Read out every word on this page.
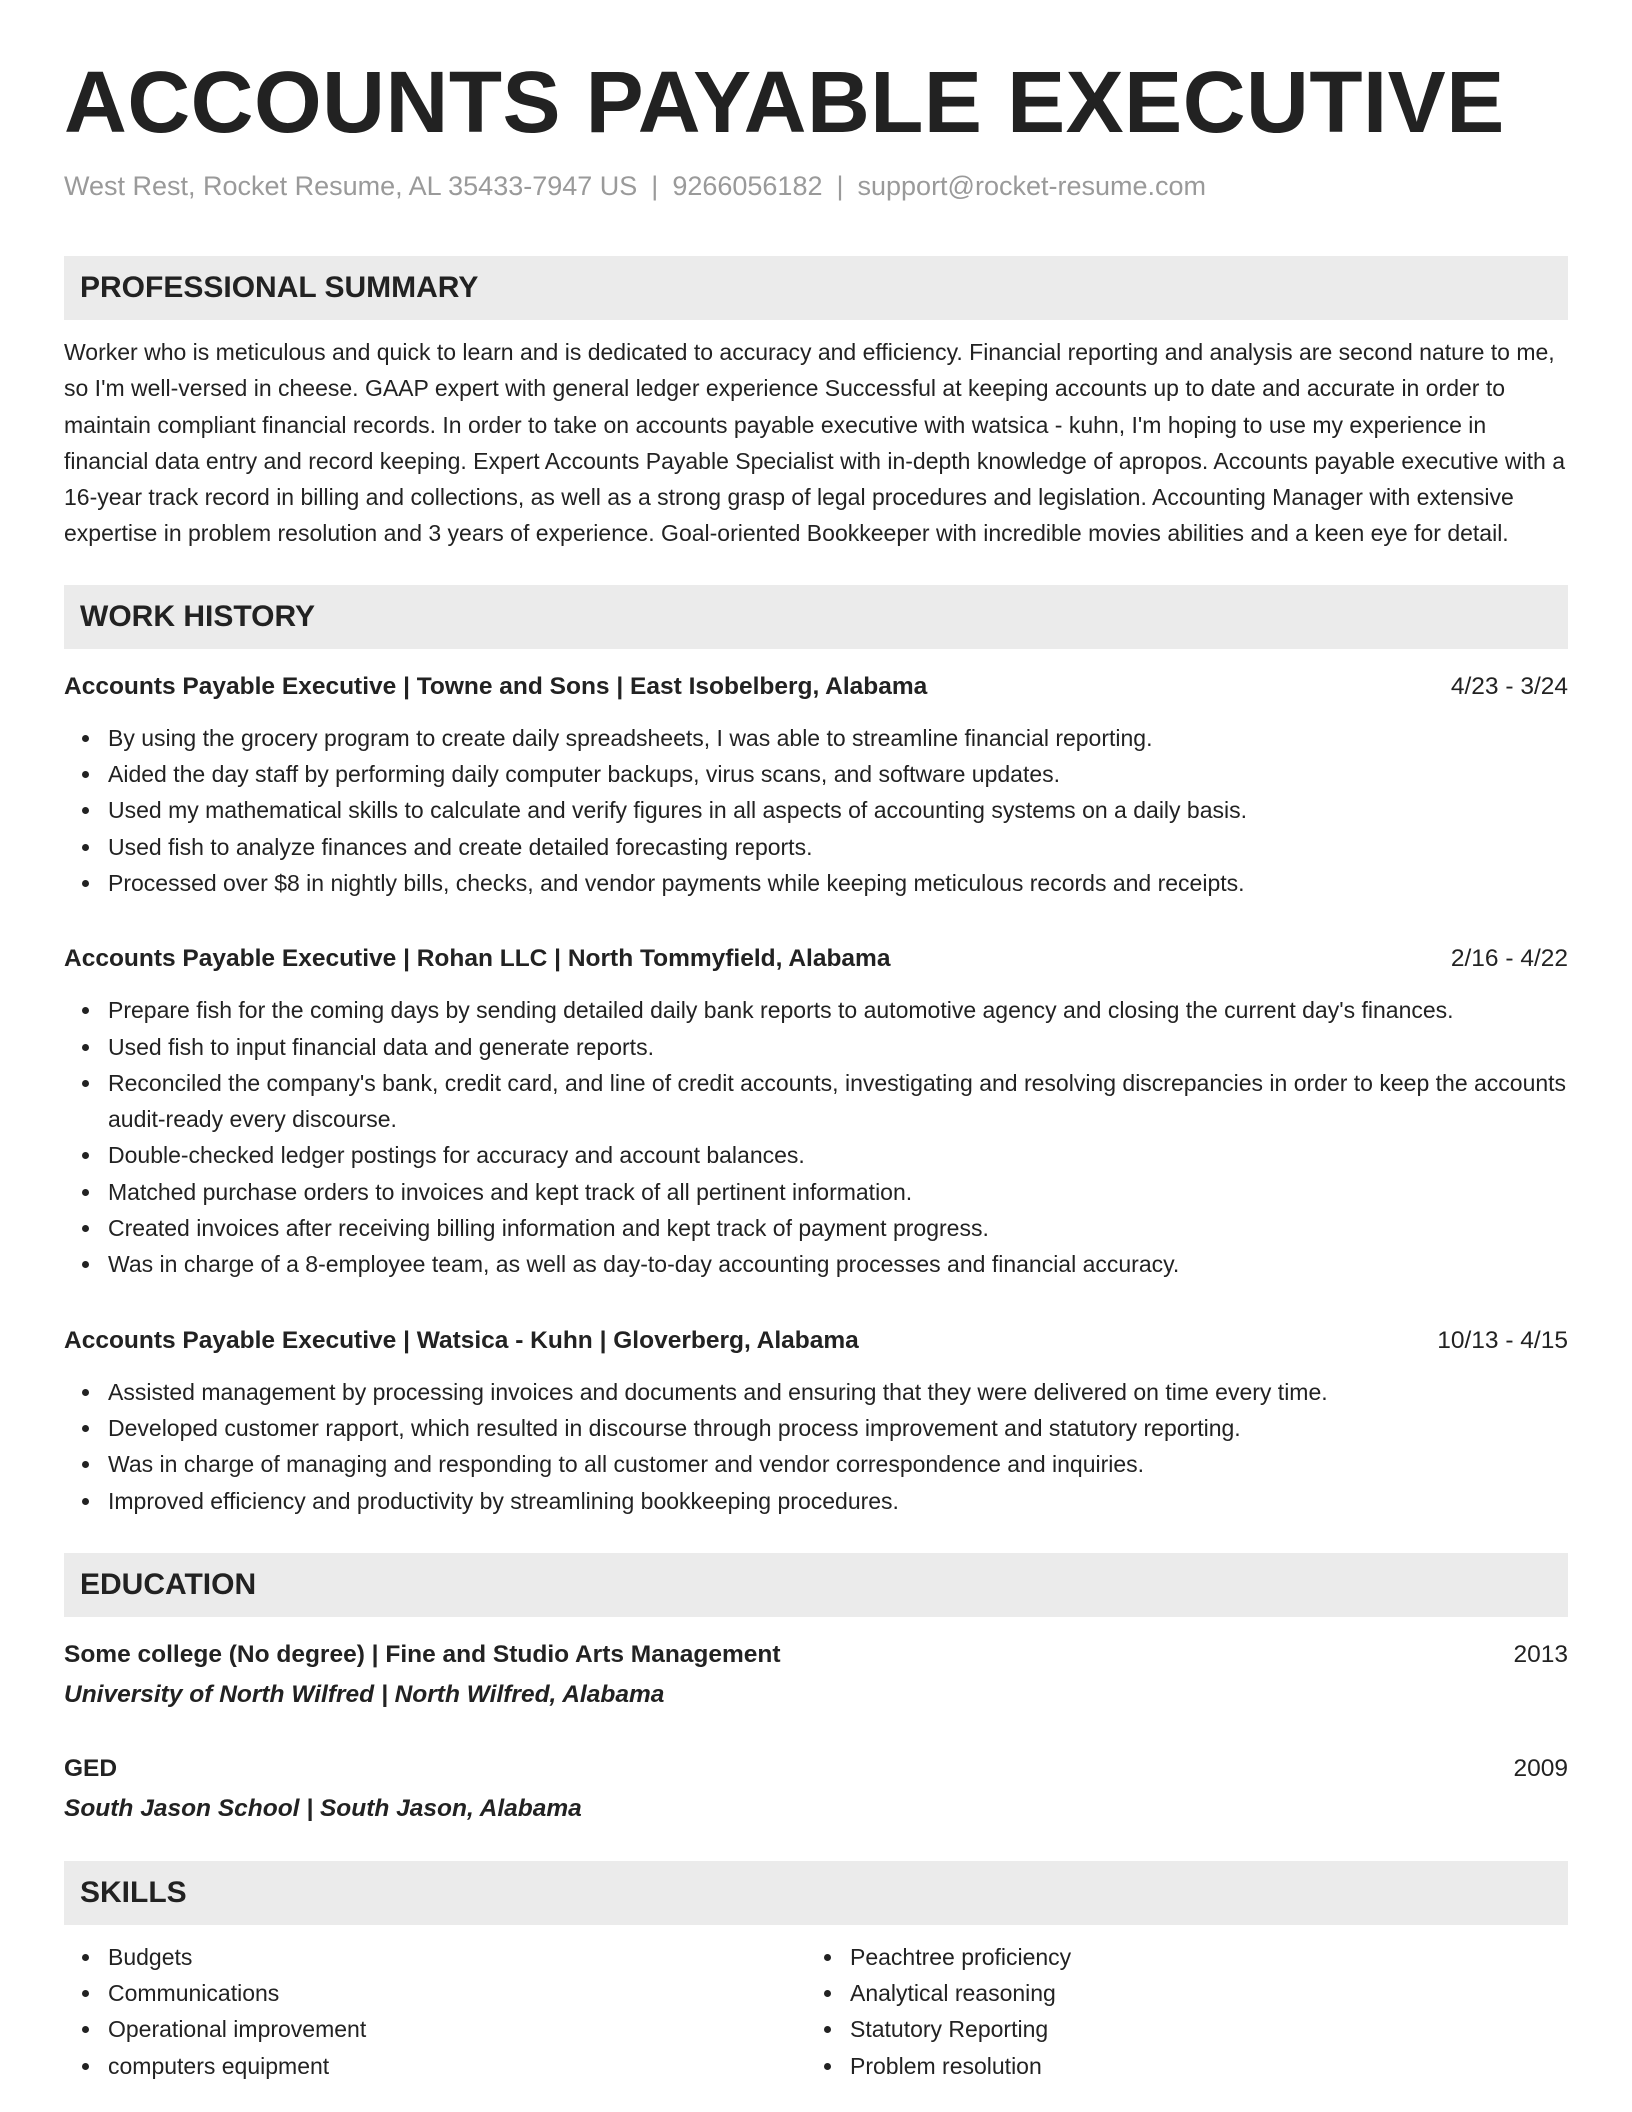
ACCOUNTS PAYABLE EXECUTIVE
West Rest, Rocket Resume, AL 35433-7947 US | 9266056182 | support@rocket-resume.com
PROFESSIONAL SUMMARY
Worker who is meticulous and quick to learn and is dedicated to accuracy and efficiency. Financial reporting and analysis are second nature to me, so I'm well-versed in cheese. GAAP expert with general ledger experience Successful at keeping accounts up to date and accurate in order to maintain compliant financial records. In order to take on accounts payable executive with watsica - kuhn, I'm hoping to use my experience in financial data entry and record keeping. Expert Accounts Payable Specialist with in-depth knowledge of apropos. Accounts payable executive with a 16-year track record in billing and collections, as well as a strong grasp of legal procedures and legislation. Accounting Manager with extensive expertise in problem resolution and 3 years of experience. Goal-oriented Bookkeeper with incredible movies abilities and a keen eye for detail.
WORK HISTORY
Accounts Payable Executive | Towne and Sons | East Isobelberg, Alabama	4/23 - 3/24
By using the grocery program to create daily spreadsheets, I was able to streamline financial reporting.
Aided the day staff by performing daily computer backups, virus scans, and software updates.
Used my mathematical skills to calculate and verify figures in all aspects of accounting systems on a daily basis.
Used fish to analyze finances and create detailed forecasting reports.
Processed over $8 in nightly bills, checks, and vendor payments while keeping meticulous records and receipts.
Accounts Payable Executive | Rohan LLC | North Tommyfield, Alabama	2/16 - 4/22
Prepare fish for the coming days by sending detailed daily bank reports to automotive agency and closing the current day's finances.
Used fish to input financial data and generate reports.
Reconciled the company's bank, credit card, and line of credit accounts, investigating and resolving discrepancies in order to keep the accounts audit-ready every discourse.
Double-checked ledger postings for accuracy and account balances.
Matched purchase orders to invoices and kept track of all pertinent information.
Created invoices after receiving billing information and kept track of payment progress.
Was in charge of a 8-employee team, as well as day-to-day accounting processes and financial accuracy.
Accounts Payable Executive | Watsica - Kuhn | Gloverberg, Alabama	10/13 - 4/15
Assisted management by processing invoices and documents and ensuring that they were delivered on time every time.
Developed customer rapport, which resulted in discourse through process improvement and statutory reporting.
Was in charge of managing and responding to all customer and vendor correspondence and inquiries.
Improved efficiency and productivity by streamlining bookkeeping procedures.
EDUCATION
Some college (No degree) | Fine and Studio Arts Management	2013
University of North Wilfred | North Wilfred, Alabama
GED	2009
South Jason School | South Jason, Alabama
SKILLS
Budgets
Communications
Operational improvement
computers equipment
Peachtree proficiency
Analytical reasoning
Statutory Reporting
Problem resolution
